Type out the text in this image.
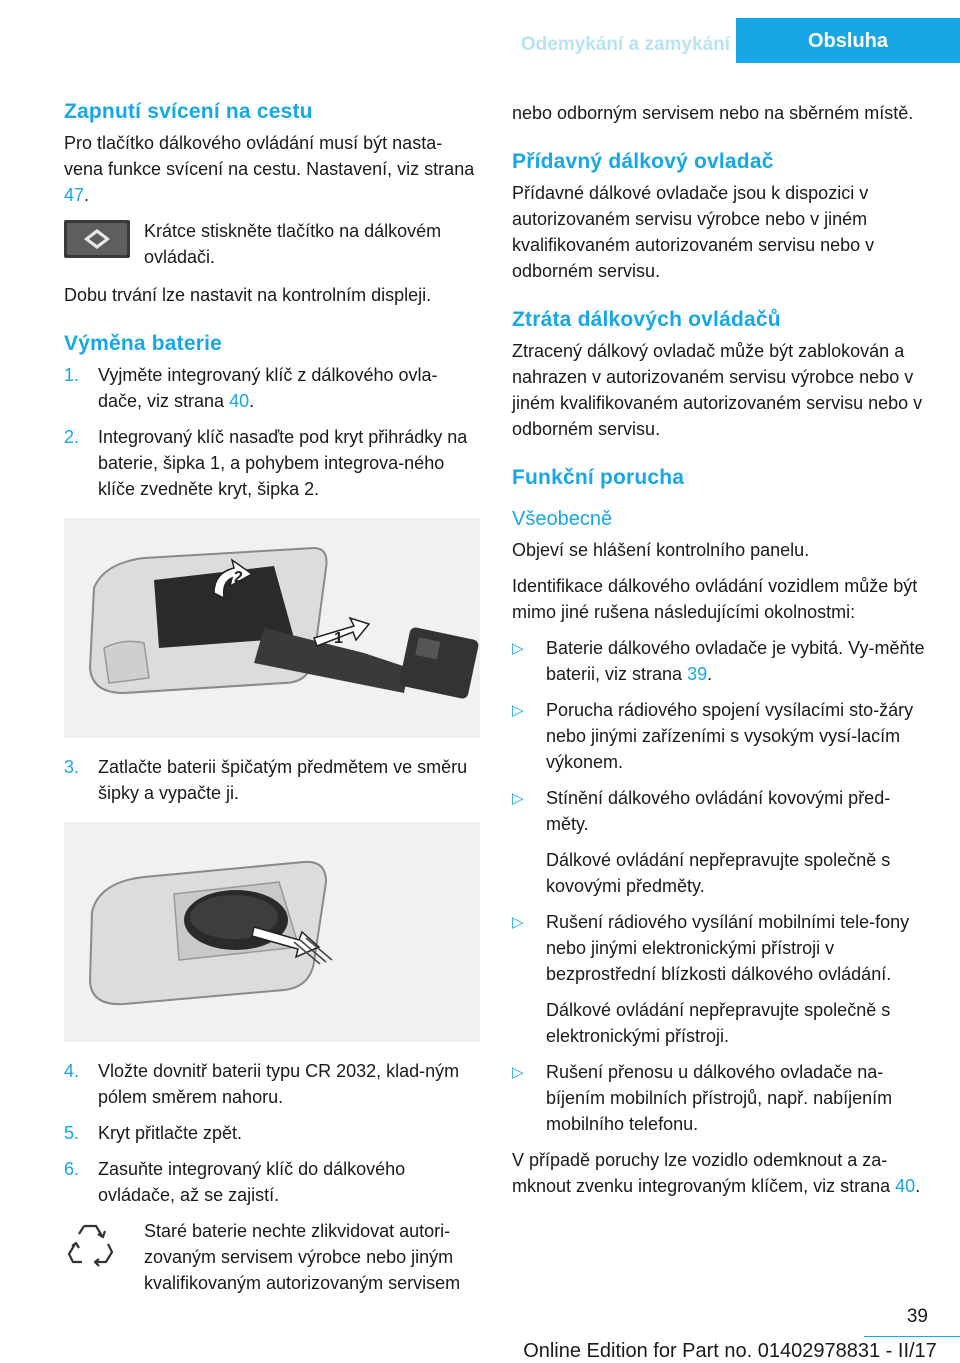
Odemykání a zamykání	Obsluha
Zapnutí svícení na cestu

Pro tlačítko dálkového ovládání musí být nasta-vena funkce svícení na cestu. Nastavení, viz strana 47.

Krátce stiskněte tlačítko na dálkovém ovládači.

Dobu trvání lze nastavit na kontrolním displeji.

Výměna baterie
1.	Vyjměte integrovaný klíč z dálkového ovla-dače, viz strana 40.
2.	Integrovaný klíč nasaďte pod kryt přihrádky na baterie, šipka 1, a pohybem integrova-ného klíče zvedněte kryt, šipka 2.
1
2
3.	Zatlačte baterii špičatým předmětem ve směru šipky a vypačte ji.
4.	Vložte dovnitř baterii typu CR 2032, klad-ným pólem směrem nahoru.
5.	Kryt přitlačte zpět.
6.	Zasuňte integrovaný klíč do dálkového ovládače, až se zajistí.

Staré baterie nechte zlikvidovat autori-zovaným servisem výrobce nebo jiným kvalifikovaným autorizovaným servisem

nebo odborným servisem nebo na sběrném místě.

Přídavný dálkový ovladač

Přídavné dálkové ovladače jsou k dispozici v autorizovaném servisu výrobce nebo v jiném kvalifikovaném autorizovaném servisu nebo v odborném servisu.

Ztráta dálkových ovládačů

Ztracený dálkový ovladač může být zablokován a nahrazen v autorizovaném servisu výrobce nebo v jiném kvalifikovaném autorizovaném servisu nebo v odborném servisu.

Funkční porucha
Všeobecně

Objeví se hlášení kontrolního panelu.

Identifikace dálkového ovládání vozidlem může být mimo jiné rušena následujícími okolnostmi:

▷	Baterie dálkového ovladače je vybitá. Vy-měňte baterii, viz strana 39.
▷	Porucha rádiového spojení vysílacími sto-žáry nebo jinými zařízeními s vysokým vysí-lacím výkonem.
▷	Stínění dálkového ovládání kovovými před-měty.

Dálkové ovládání nepřepravujte společně s kovovými předměty.

▷	Rušení rádiového vysílání mobilními tele-fony nebo jinými elektronickými přístroji v bezprostřední blízkosti dálkového ovládání.

Dálkové ovládání nepřepravujte společně s elektronickými přístroji.

▷	Rušení přenosu u dálkového ovladače na-bíjením mobilních přístrojů, např. nabíjením mobilního telefonu.

V případě poruchy lze vozidlo odemknout a za-mknout zvenku integrovaným klíčem, viz strana 40.

39
Online Edition for Part no. 01402978831 - II/17
